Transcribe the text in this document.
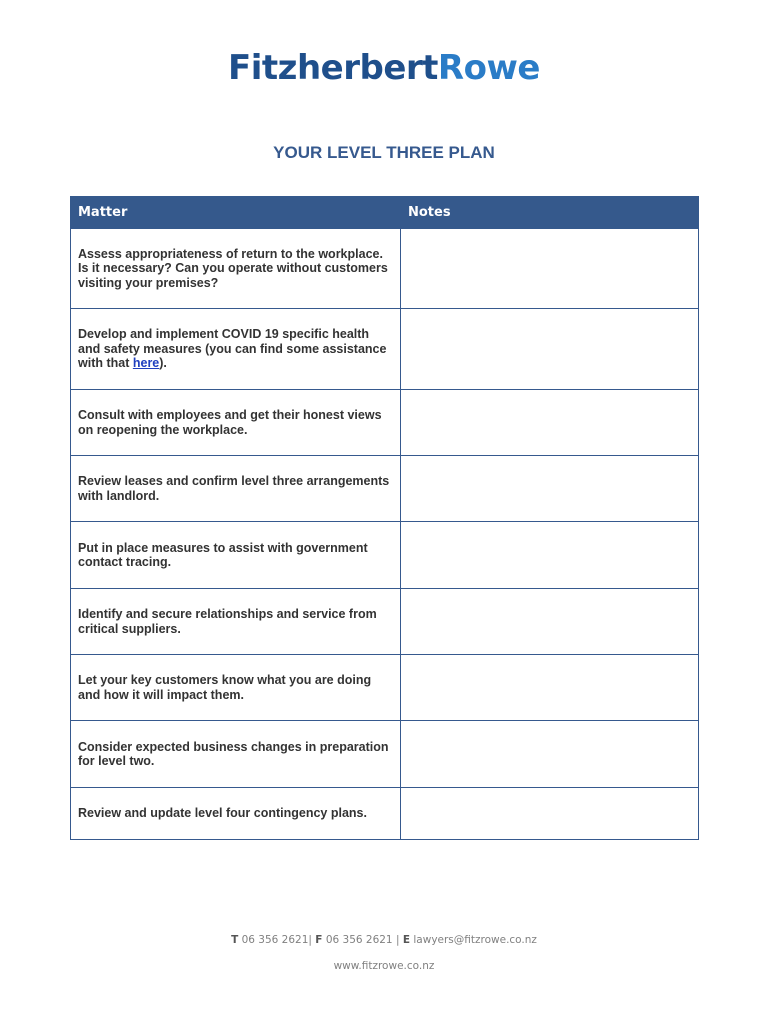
FitzherbertRowe
YOUR LEVEL THREE PLAN
Matter	Notes
Assess appropriateness of return to the workplace. Is it necessary? Can you operate without customers visiting your premises?	
Develop and implement COVID 19 specific health and safety measures (you can find some assistance with that here).	
Consult with employees and get their honest views on reopening the workplace.	
Review leases and confirm level three arrangements with landlord.	
Put in place measures to assist with government contact tracing.	
Identify and secure relationships and service from critical suppliers.	
Let your key customers know what you are doing and how it will impact them.	
Consider expected business changes in preparation for level two.	
Review and update level four contingency plans.	
T 06 356 2621| F 06 356 2621 | E lawyers@fitzrowe.co.nz
www.fitzrowe.co.nz
